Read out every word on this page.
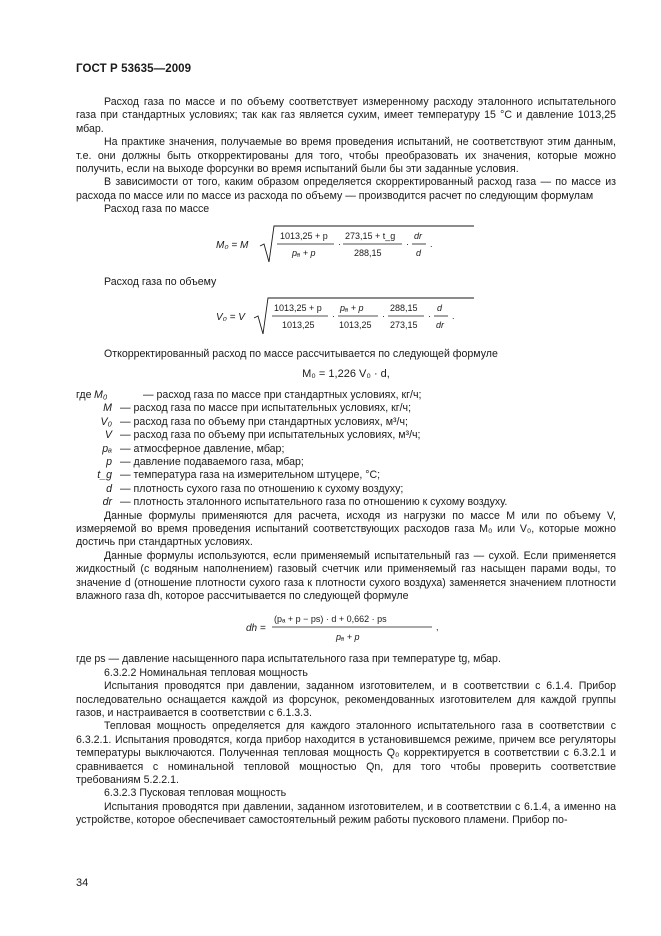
ГОСТ Р 53635—2009

Расход газа по массе и по объему соответствует измеренному расходу эталонного испытательного газа при стандартных условиях; так как газ является сухим, имеет температуру 15 °С и давление 1013,25 мбар.

На практике значения, получаемые во время проведения испытаний, не соответствуют этим данным, т.е. они должны быть откорректированы для того, чтобы преобразовать их значения, которые можно получить, если на выходе форсунки во время испытаний были бы эти заданные условия.

В зависимости от того, каким образом определяется скорректированный расход газа — по массе из расхода по массе или по массе из расхода по объему — производится расчет по следующим формулам

Расход газа по массе

M₀ = M
1013,25 + p
pₐ + p
·
273,15 + t_g
288,15
·
dr
d
.

Расход газа по объему

V₀ = V
1013,25 + p
1013,25
·
pₐ + p
1013,25
·
288,15
273,15
·
d
dr
.

Откорректированный расход по массе рассчитывается по следующей формуле

M₀ = 1,226 V₀ · d,

где M₀	— расход газа по массе при стандартных условиях, кг/ч;
M — расход газа по массе при испытательных условиях, кг/ч;
V₀ — расход газа по объему при стандартных условиях, м³/ч;
V — расход газа по объему при испытательных условиях, м³/ч;
pₐ — атмосферное давление, мбар;
p — давление подаваемого газа, мбар;
t_g — температура газа на измерительном штуцере, °С;
d — плотность сухого газа по отношению к сухому воздуху;
dr — плотность эталонного испытательного газа по отношению к сухому воздуху.

Данные формулы применяются для расчета, исходя из нагрузки по массе M или по объему V, измеряемой во время проведения испытаний соответствующих расходов газа M₀ или V₀, которые можно достичь при стандартных условиях.

Данные формулы используются, если применяемый испытательный газ — сухой. Если применяется жидкостный (с водяным наполнением) газовый счетчик или применяемый газ насыщен парами воды, то значение d (отношение плотности сухого газа к плотности сухого воздуха) заменяется значением плотности влажного газа dh, которое рассчитывается по следующей формуле

dh =
(pₐ + p − ps) · d + 0,662 · ps
pₐ + p
,

где ps — давление насыщенного пара испытательного газа при температуре tg, мбар.

6.3.2.2 Номинальная тепловая мощность

Испытания проводятся при давлении, заданном изготовителем, и в соответствии с 6.1.4. Прибор последовательно оснащается каждой из форсунок, рекомендованных изготовителем для каждой группы газов, и настраивается в соответствии с 6.1.3.3.

Тепловая мощность определяется для каждого эталонного испытательного газа в соответствии с 6.3.2.1. Испытания проводятся, когда прибор находится в установившемся режиме, причем все регуляторы температуры выключаются. Полученная тепловая мощность Q₀ корректируется в соответствии с 6.3.2.1 и сравнивается с номинальной тепловой мощностью Qn, для того чтобы проверить соответствие требованиям 5.2.2.1.

6.3.2.3 Пусковая тепловая мощность

Испытания проводятся при давлении, заданном изготовителем, и в соответствии с 6.1.4, а именно на устройстве, которое обеспечивает самостоятельный режим работы пускового пламени. Прибор по-

34
